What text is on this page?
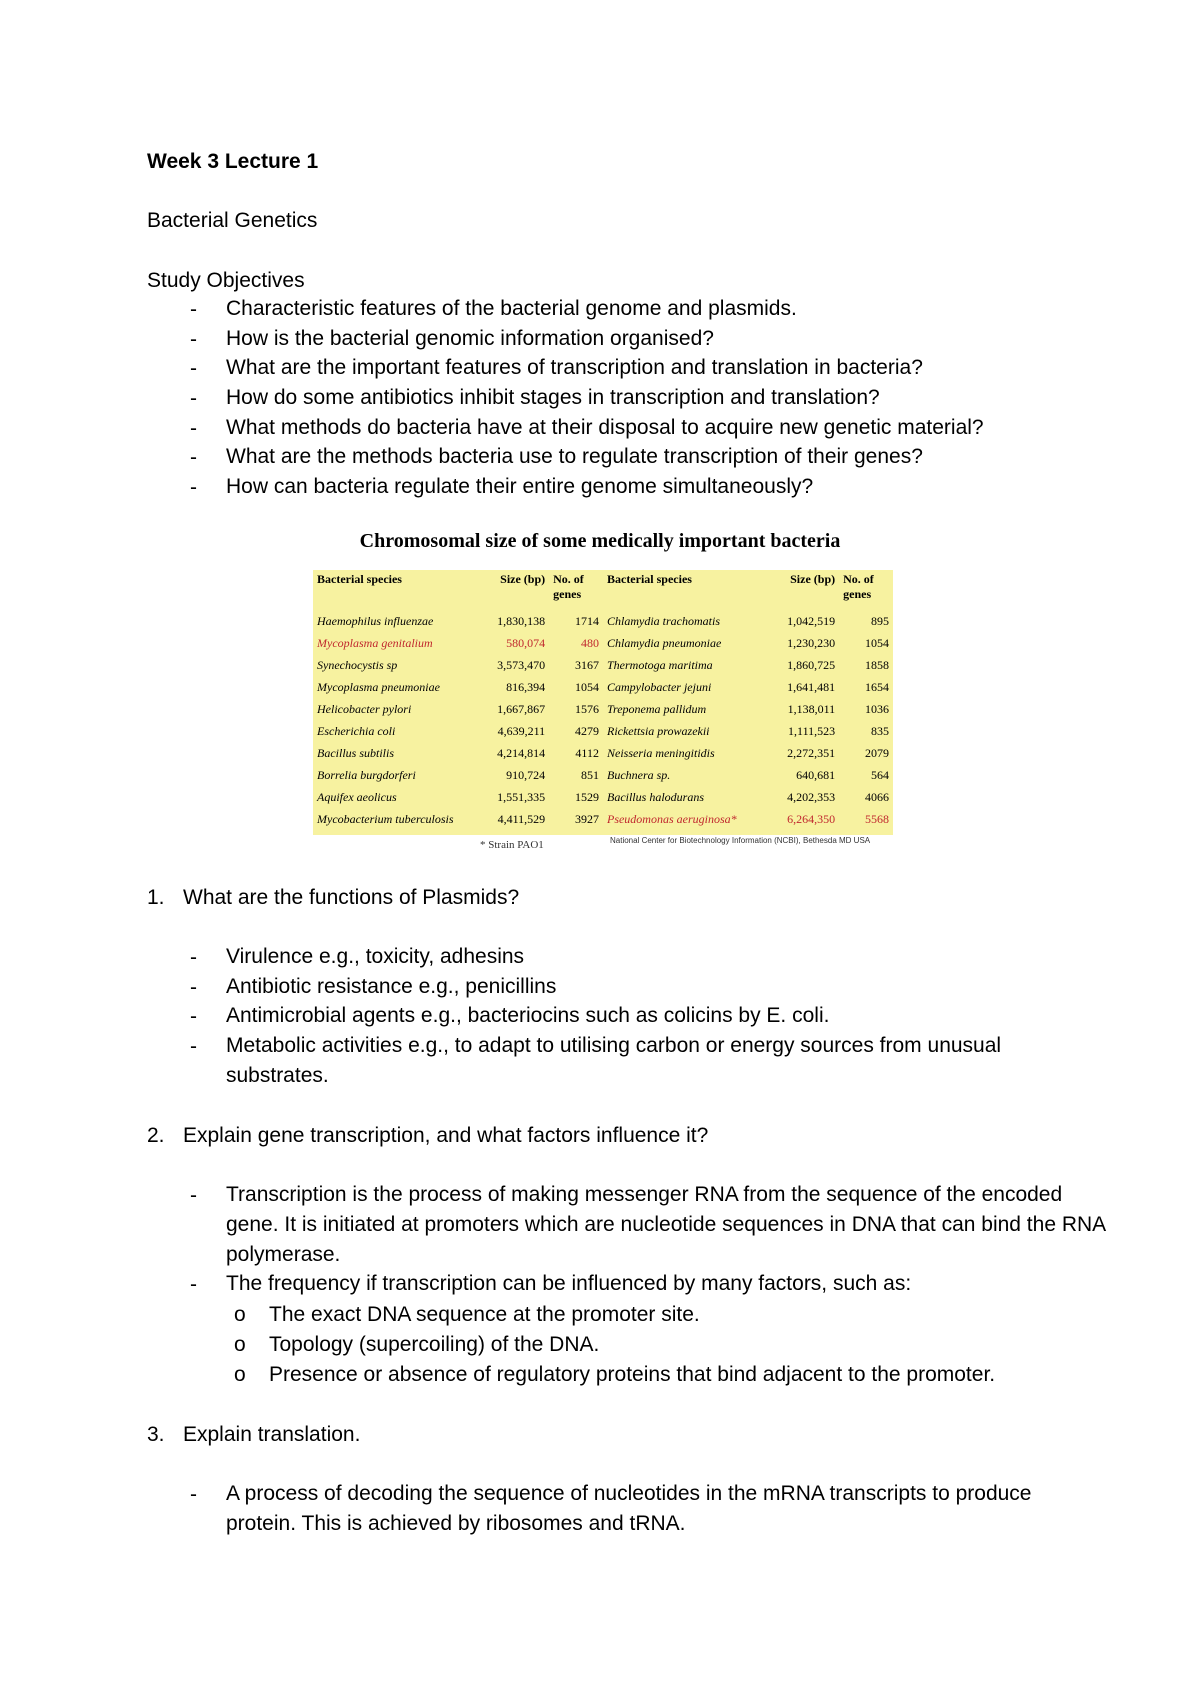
Week 3 Lecture 1
Bacterial Genetics
Study Objectives
- Characteristic features of the bacterial genome and plasmids.
- How is the bacterial genomic information organised?
- What are the important features of transcription and translation in bacteria?
- How do some antibiotics inhibit stages in transcription and translation?
- What methods do bacteria have at their disposal to acquire new genetic material?
- What are the methods bacteria use to regulate transcription of their genes?
- How can bacteria regulate their entire genome simultaneously?
Chromosomal size of some medically important bacteria
Bacterial species	Size (bp)	No. of genes	Bacterial species	Size (bp)	No. of genes
Haemophilus influenzae	1,830,138	1714	Chlamydia trachomatis	1,042,519	895
Mycoplasma genitalium	580,074	480	Chlamydia pneumoniae	1,230,230	1054
Synechocystis sp	3,573,470	3167	Thermotoga maritima	1,860,725	1858
Mycoplasma pneumoniae	816,394	1054	Campylobacter jejuni	1,641,481	1654
Helicobacter pylori	1,667,867	1576	Treponema pallidum	1,138,011	1036
Escherichia coli	4,639,211	4279	Rickettsia prowazekii	1,111,523	835
Bacillus subtilis	4,214,814	4112	Neisseria meningitidis	2,272,351	2079
Borrelia burgdorferi	910,724	851	Buchnera sp.	640,681	564
Aquifex aeolicus	1,551,335	1529	Bacillus halodurans	4,202,353	4066
Mycobacterium tuberculosis	4,411,529	3927	Pseudomonas aeruginosa*	6,264,350	5568
* Strain PAO1	National Center for Biotechnology Information (NCBI), Bethesda MD USA
1. What are the functions of Plasmids?
- Virulence e.g., toxicity, adhesins
- Antibiotic resistance e.g., penicillins
- Antimicrobial agents e.g., bacteriocins such as colicins by E. coli.
- Metabolic activities e.g., to adapt to utilising carbon or energy sources from unusual substrates.
2. Explain gene transcription, and what factors influence it?
- Transcription is the process of making messenger RNA from the sequence of the encoded gene. It is initiated at promoters which are nucleotide sequences in DNA that can bind the RNA polymerase.
- The frequency if transcription can be influenced by many factors, such as:
o The exact DNA sequence at the promoter site.
o Topology (supercoiling) of the DNA.
o Presence or absence of regulatory proteins that bind adjacent to the promoter.
3. Explain translation.
- A process of decoding the sequence of nucleotides in the mRNA transcripts to produce protein. This is achieved by ribosomes and tRNA.
